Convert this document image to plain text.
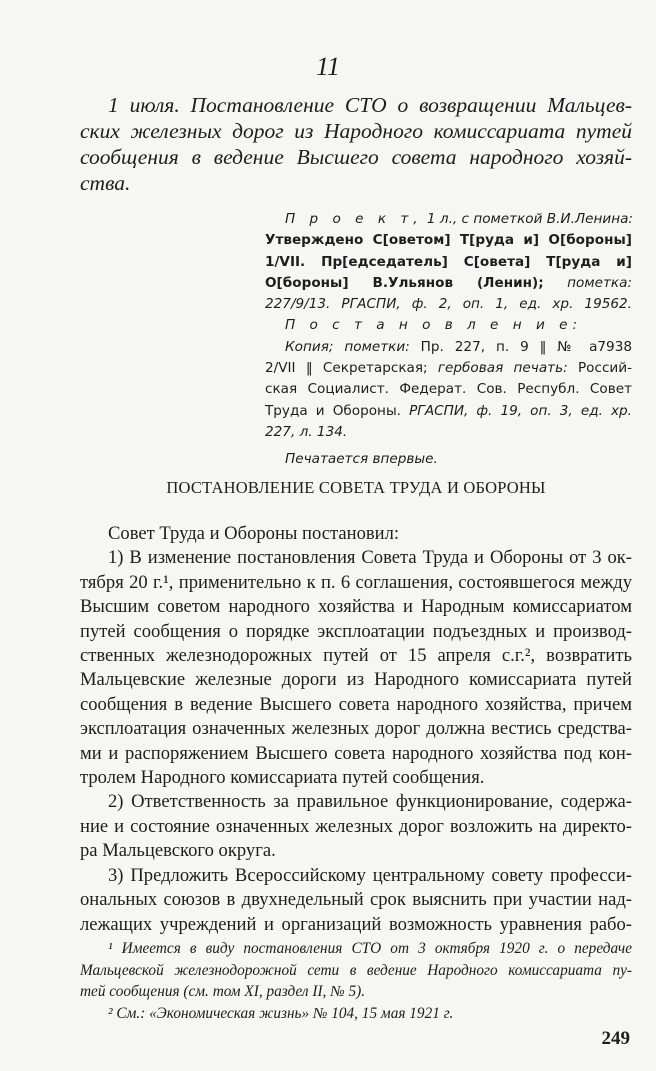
11
1 июля. Постановление СТО о возвращении Мальцев-
ских железных дорог из Народного комиссариата путей
сообщения в ведение Высшего совета народного хозяй-
ства.
П р о е к т, 1 л., с пометкой В.И.Ленина:
Утверждено С[оветом] Т[руда и] О[бороны]
1/VII. Пр[едседатель] С[овета] Т[руда и]
О[бороны] В.Ульянов (Ленин); пометка:
227/9/13. РГАСПИ, ф. 2, оп. 1, ед. хр. 19562.
П о с т а н о в л е н и е:
Копия; пометки: Пр. 227, п. 9 ‖ № а7938
2/VII ‖ Секретарская; гербовая печать: Россий-
ская Социалист. Федерат. Сов. Республ. Совет
Труда и Обороны. РГАСПИ, ф. 19, оп. 3, ед. хр.
227, л. 134.
Печатается впервые.
ПОСТАНОВЛЕНИЕ СОВЕТА ТРУДА И ОБОРОНЫ
Совет Труда и Обороны постановил:
1) В изменение постановления Совета Труда и Обороны от 3 ок-
тября 20 г.¹, применительно к п. 6 соглашения, состоявшегося между
Высшим советом народного хозяйства и Народным комиссариатом
путей сообщения о порядке эксплоатации подъездных и производ-
ственных железнодорожных путей от 15 апреля с.г.², возвратить
Мальцевские железные дороги из Народного комиссариата путей
сообщения в ведение Высшего совета народного хозяйства, причем
эксплоатация означенных железных дорог должна вестись средства-
ми и распоряжением Высшего совета народного хозяйства под кон-
тролем Народного комиссариата путей сообщения.
2) Ответственность за правильное функционирование, содержа-
ние и состояние означенных железных дорог возложить на директо-
ра Мальцевского округа.
3) Предложить Всероссийскому центральному совету професси-
ональных союзов в двухнедельный срок выяснить при участии над-
лежащих учреждений и организаций возможность уравнения рабо-
¹ Имеется в виду постановления СТО от 3 октября 1920 г. о передаче
Мальцевской железнодорожной сети в ведение Народного комиссариата пу-
тей сообщения (см. том XI, раздел II, № 5).
² См.: «Экономическая жизнь» № 104, 15 мая 1921 г.
249
